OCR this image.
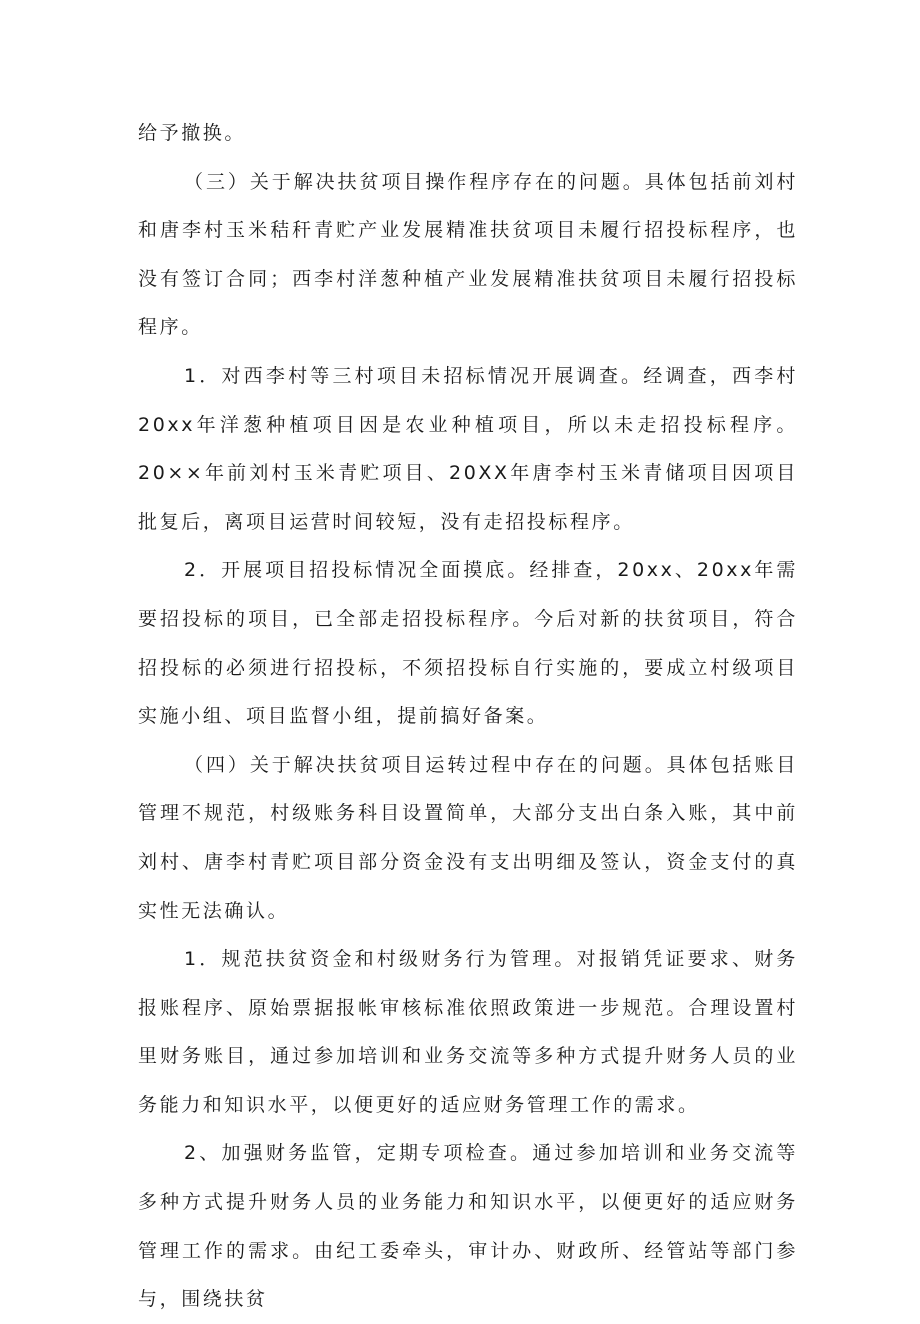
给予撤换。

（三）关于解决扶贫项目操作程序存在的问题。具体包括前刘村和唐李村玉米秸秆青贮产业发展精准扶贫项目未履行招投标程序，也没有签订合同；西李村洋葱种植产业发展精准扶贫项目未履行招投标程序。

1．对西李村等三村项目未招标情况开展调查。经调查，西李村20xx年洋葱种植项目因是农业种植项目，所以未走招投标程序。20××年前刘村玉米青贮项目、20XX年唐李村玉米青储项目因项目批复后，离项目运营时间较短，没有走招投标程序。

2．开展项目招投标情况全面摸底。经排查，20xx、20xx年需要招投标的项目，已全部走招投标程序。今后对新的扶贫项目，符合招投标的必须进行招投标，不须招投标自行实施的，要成立村级项目实施小组、项目监督小组，提前搞好备案。

（四）关于解决扶贫项目运转过程中存在的问题。具体包括账目管理不规范，村级账务科目设置简单，大部分支出白条入账，其中前刘村、唐李村青贮项目部分资金没有支出明细及签认，资金支付的真实性无法确认。

1．规范扶贫资金和村级财务行为管理。对报销凭证要求、财务报账程序、原始票据报帐审核标准依照政策进一步规范。合理设置村里财务账目，通过参加培训和业务交流等多种方式提升财务人员的业务能力和知识水平，以便更好的适应财务管理工作的需求。

2、加强财务监管，定期专项检查。通过参加培训和业务交流等多种方式提升财务人员的业务能力和知识水平，以便更好的适应财务管理工作的需求。由纪工委牵头，审计办、财政所、经管站等部门参与，围绕扶贫
